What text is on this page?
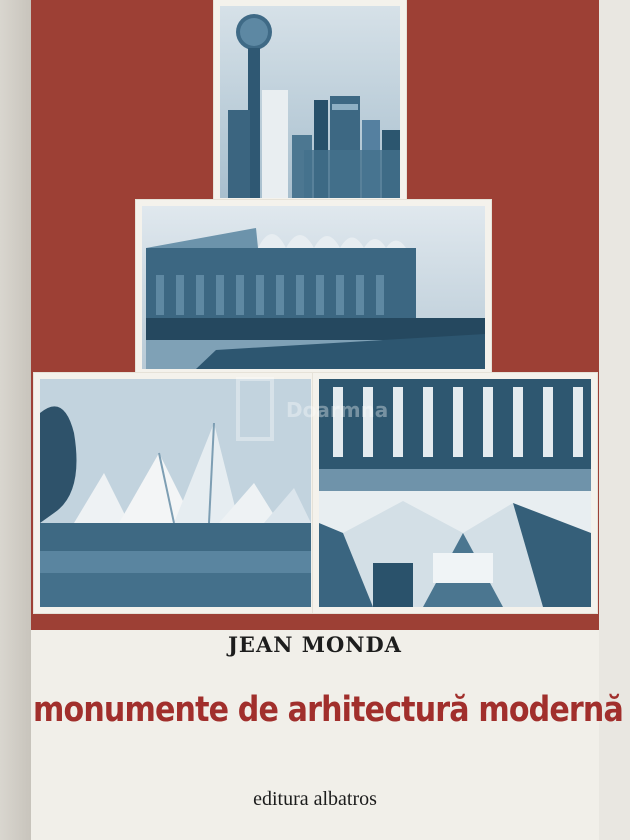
Doarmna
JEAN MONDA
monumente de arhitectură modernă
editura albatros
